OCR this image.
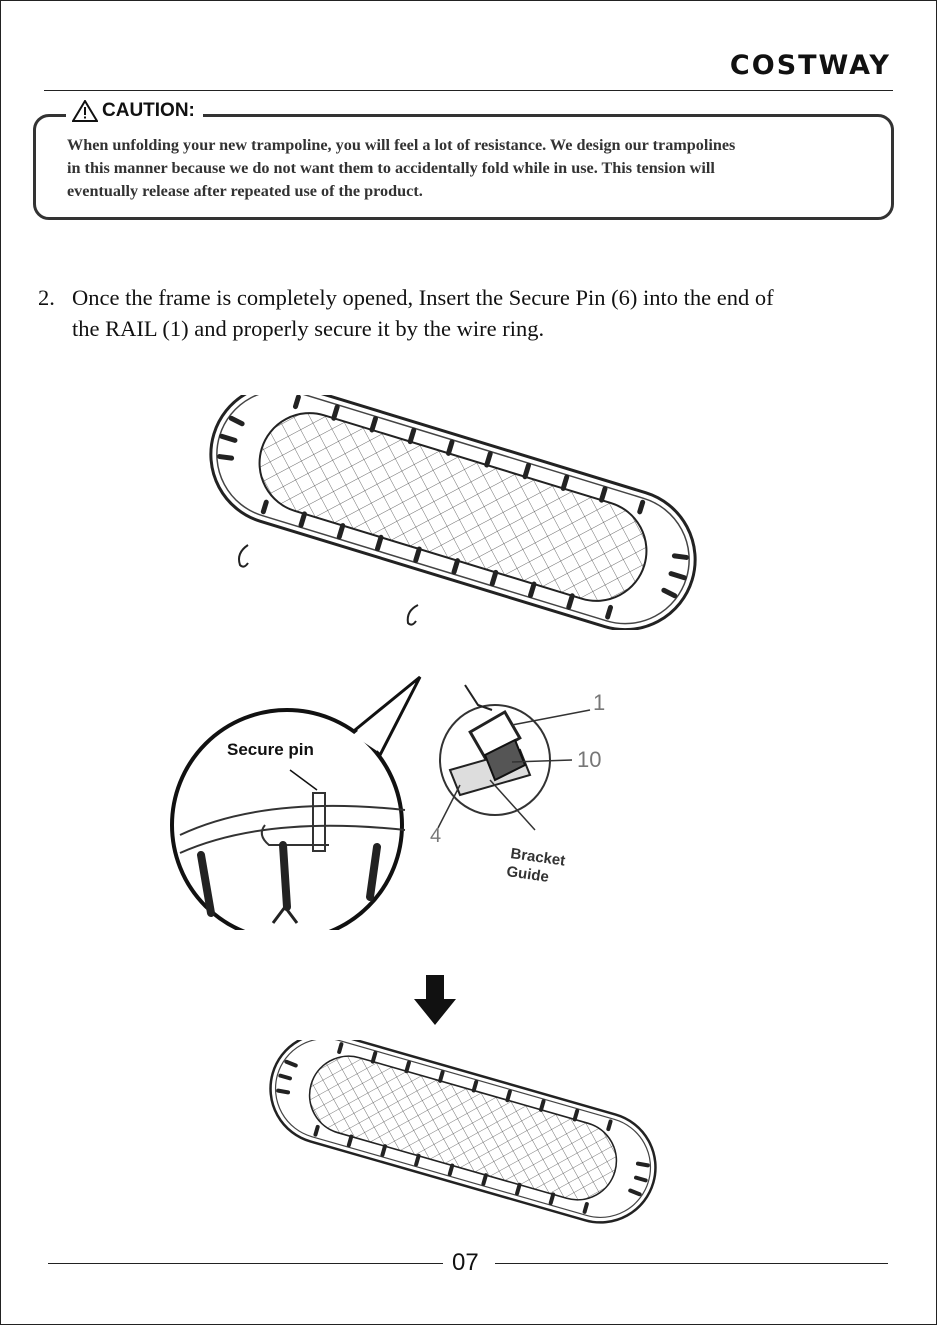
COSTWAY
CAUTION:
When unfolding your new trampoline, you will feel a lot of resistance. We design our trampolines
in this manner because we do not want them to accidentally fold while in use. This tension will
eventually release after repeated use of the product.
2. Once the frame is completely opened, Insert the Secure Pin (6) into the end of
the RAIL (1) and properly secure it by the wire ring.
Secure pin
1
10
4
Bracket
Guide
07
